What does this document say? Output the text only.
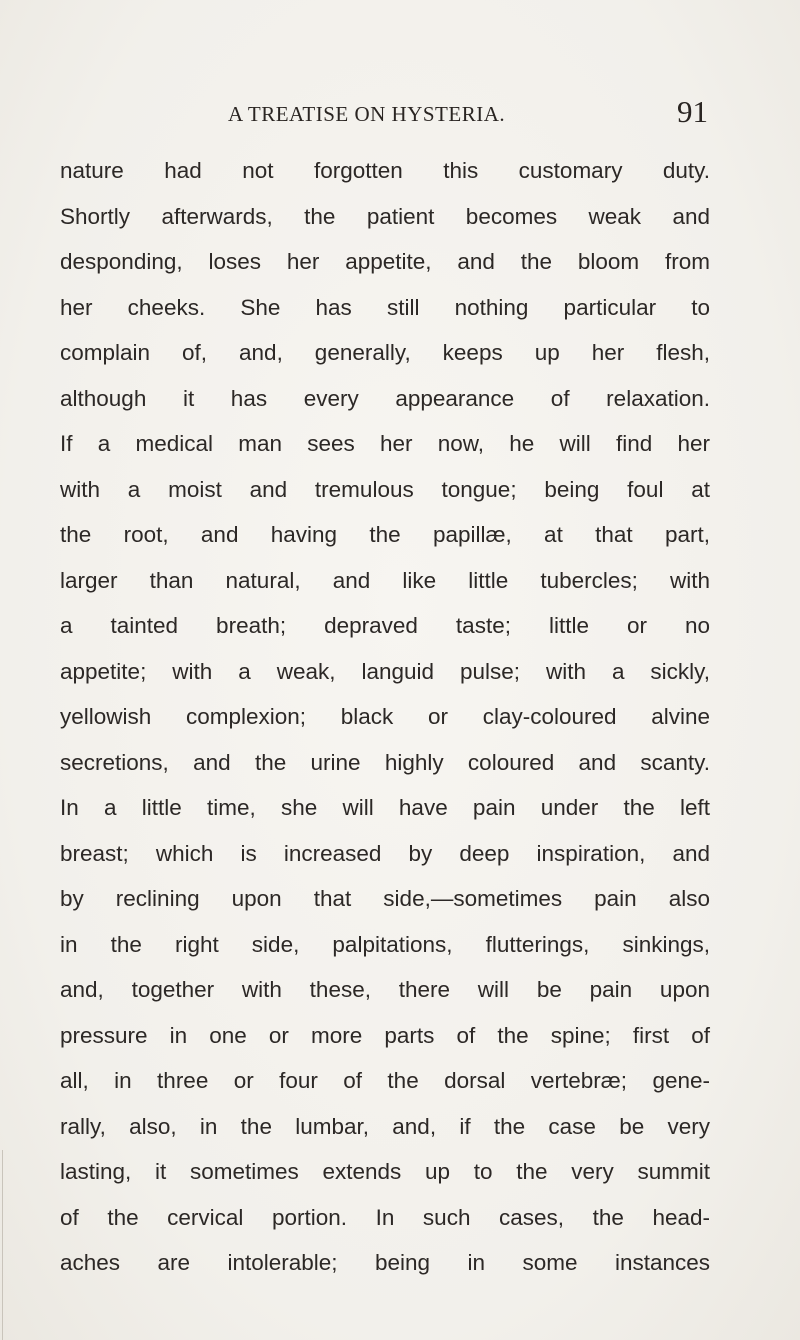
A TREATISE ON HYSTERIA.	91
nature had not forgotten this customary duty.
Shortly afterwards, the patient becomes weak and
desponding, loses her appetite, and the bloom from
her cheeks. She has still nothing particular to
complain of, and, generally, keeps up her flesh,
although it has every appearance of relaxation.
If a medical man sees her now, he will find her
with a moist and tremulous tongue; being foul at
the root, and having the papillæ, at that part,
larger than natural, and like little tubercles; with
a tainted breath; depraved taste; little or no
appetite; with a weak, languid pulse; with a sickly,
yellowish complexion; black or clay-coloured alvine
secretions, and the urine highly coloured and scanty.
In a little time, she will have pain under the left
breast; which is increased by deep inspiration, and
by reclining upon that side,—sometimes pain also
in the right side, palpitations, flutterings, sinkings,
and, together with these, there will be pain upon
pressure in one or more parts of the spine; first of
all, in three or four of the dorsal vertebræ; gene-
rally, also, in the lumbar, and, if the case be very
lasting, it sometimes extends up to the very summit
of the cervical portion. In such cases, the head-
aches are intolerable; being in some instances
